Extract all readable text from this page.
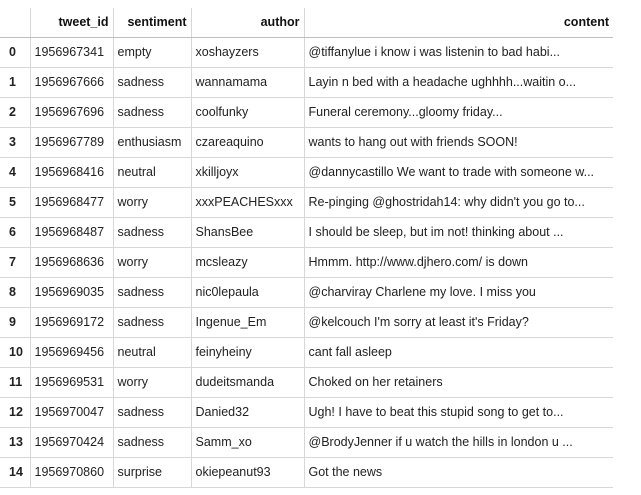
	tweet_id	sentiment	author	content
0	1956967341	empty	xoshayzers	@tiffanylue i know i was listenin to bad habi...
1	1956967666	sadness	wannamama	Layin n bed with a headache ughhhh...waitin o...
2	1956967696	sadness	coolfunky	Funeral ceremony...gloomy friday...
3	1956967789	enthusiasm	czareaquino	wants to hang out with friends SOON!
4	1956968416	neutral	xkilljoyx	@dannycastillo We want to trade with someone w...
5	1956968477	worry	xxxPEACHESxxx	Re-pinging @ghostridah14: why didn't you go to...
6	1956968487	sadness	ShansBee	I should be sleep, but im not! thinking about ...
7	1956968636	worry	mcsleazy	Hmmm. http://www.djhero.com/ is down
8	1956969035	sadness	nic0lepaula	@charviray Charlene my love. I miss you
9	1956969172	sadness	Ingenue_Em	@kelcouch I'm sorry at least it's Friday?
10	1956969456	neutral	feinyheiny	cant fall asleep
11	1956969531	worry	dudeitsmanda	Choked on her retainers
12	1956970047	sadness	Danied32	Ugh! I have to beat this stupid song to get to...
13	1956970424	sadness	Samm_xo	@BrodyJenner if u watch the hills in london u ...
14	1956970860	surprise	okiepeanut93	Got the news
